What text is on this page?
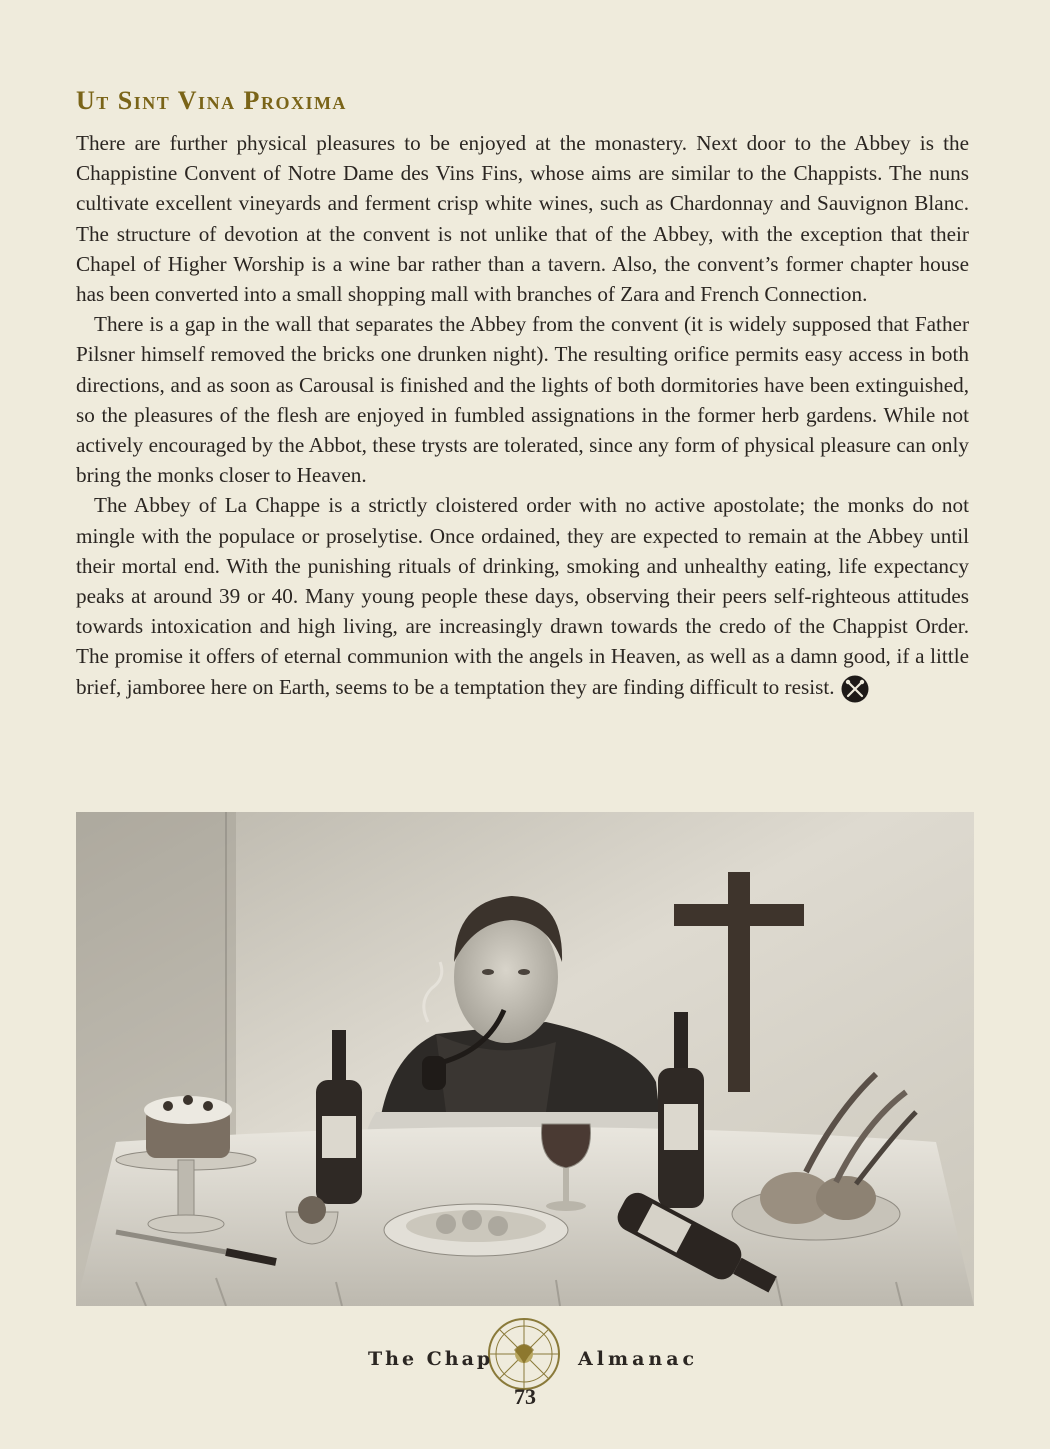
Ut Sint Vina Proxima

There are further physical pleasures to be enjoyed at the monastery. Next door to the Abbey is the Chappistine Convent of Notre Dame des Vins Fins, whose aims are similar to the Chappists. The nuns cultivate excellent vineyards and ferment crisp white wines, such as Chardonnay and Sauvignon Blanc. The structure of devotion at the convent is not unlike that of the Abbey, with the exception that their Chapel of Higher Worship is a wine bar rather than a tavern. Also, the convent’s former chapter house has been converted into a small shopping mall with branches of Zara and French Connection.

There is a gap in the wall that separates the Abbey from the convent (it is widely supposed that Father Pilsner himself removed the bricks one drunken night). The resulting orifice permits easy access in both directions, and as soon as Carousal is finished and the lights of both dormitories have been extinguished, so the pleasures of the flesh are enjoyed in fumbled assignations in the former herb gardens. While not actively encouraged by the Abbot, these trysts are tolerated, since any form of physical pleasure can only bring the monks closer to Heaven.

The Abbey of La Chappe is a strictly cloistered order with no active apostolate; the monks do not mingle with the populace or proselytise. Once ordained, they are expected to remain at the Abbey until their mortal end. With the punishing rituals of drinking, smoking and unhealthy eating, life expectancy peaks at around 39 or 40. Many young people these days, observing their peers self-righteous attitudes towards intoxication and high living, are increasingly drawn towards the credo of the Chappist Order. The promise it offers of eternal communion with the angels in Heaven, as well as a damn good, if a little brief, jamboree here on Earth, seems to be a temptation they are finding difficult to resist.

The Chap	Almanac
73
